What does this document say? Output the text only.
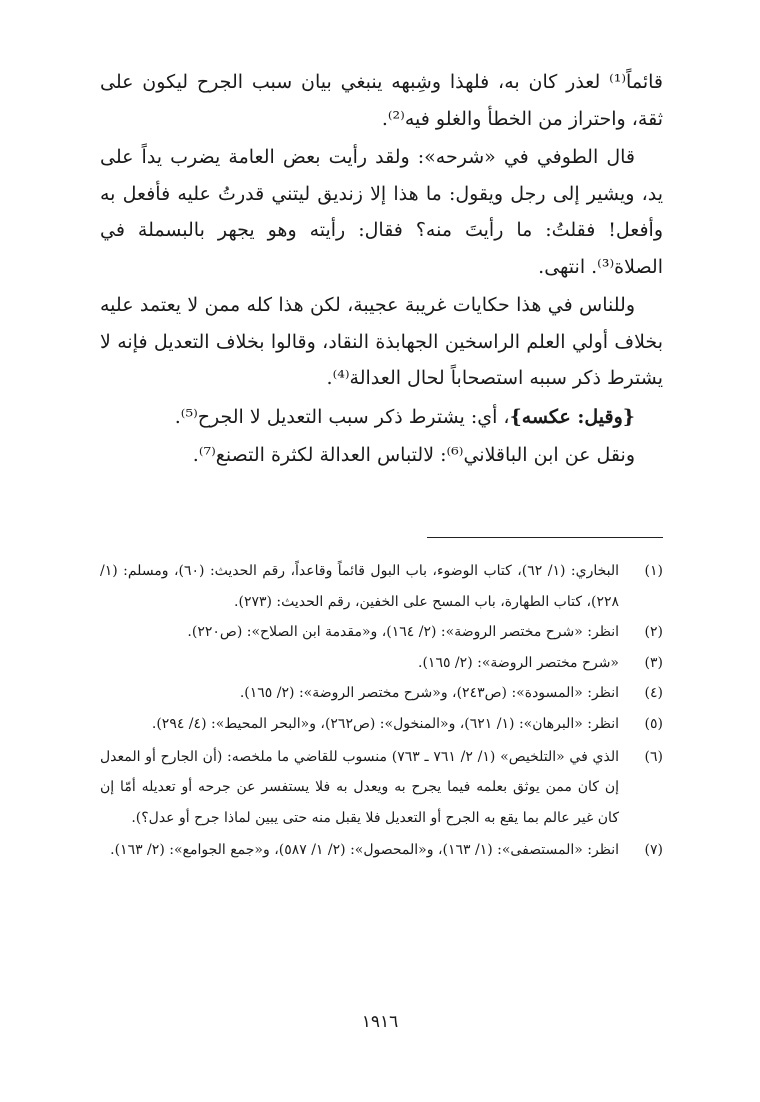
قائماً⁽¹⁾ لعذر كان به، فلهذا وشِبهه ينبغي بيان سبب الجرح ليكون على ثقة، واحتراز من الخطأ والغلو فيه⁽²⁾.

قال الطوفي في «شرحه»: ولقد رأيت بعض العامة يضرب يداً على يد، ويشير إلى رجل ويقول: ما هذا إلا زنديق ليتني قدرتُ عليه فأفعل به وأفعل! فقلتُ: ما رأيتَ منه؟ فقال: رأيته وهو يجهر بالبسملة في الصلاة⁽³⁾. انتهى.

وللناس في هذا حكايات غريبة عجيبة، لكن هذا كله ممن لا يعتمد عليه بخلاف أولي العلم الراسخين الجهابذة النقاد، وقالوا بخلاف التعديل فإنه لا يشترط ذكر سببه استصحاباً لحال العدالة⁽⁴⁾.

{وقيل: عكسه}، أي: يشترط ذكر سبب التعديل لا الجرح⁽⁵⁾.

ونقل عن ابن الباقلاني⁽⁶⁾: لالتباس العدالة لكثرة التصنع⁽⁷⁾.

(١)
البخاري: (١/ ٦٢)، كتاب الوضوء، باب البول قائماً وقاعداً، رقم الحديث: (٦٠)، ومسلم: (١/ ٢٢٨)، كتاب الطهارة، باب المسح على الخفين، رقم الحديث: (٢٧٣).
(٢)
انظر: «شرح مختصر الروضة»: (٢/ ١٦٤)، و«مقدمة ابن الصلاح»: (ص٢٢٠).
(٣)
«شرح مختصر الروضة»: (٢/ ١٦٥).
(٤)
انظر: «المسودة»: (ص٢٤٣)، و«شرح مختصر الروضة»: (٢/ ١٦٥).
(٥)
انظر: «البرهان»: (١/ ٦٢١)، و«المنخول»: (ص٢٦٢)، و«البحر المحيط»: (٤/ ٢٩٤).
(٦)
الذي في «التلخيص» (١/ ٢/ ٧٦١ ـ ٧٦٣) منسوب للقاضي ما ملخصه: (أن الجارح أو المعدل إن كان ممن يوثق بعلمه فيما يجرح به ويعدل به فلا يستفسر عن جرحه أو تعديله أمّا إن كان غير عالم بما يقع به الجرح أو التعديل فلا يقبل منه حتى يبين لماذا جرح أو عدل؟).
(٧)
انظر: «المستصفى»: (١/ ١٦٣)، و«المحصول»: (٢/ ١/ ٥٨٧)، و«جمع الجوامع»: (٢/ ١٦٣).
١٩١٦
